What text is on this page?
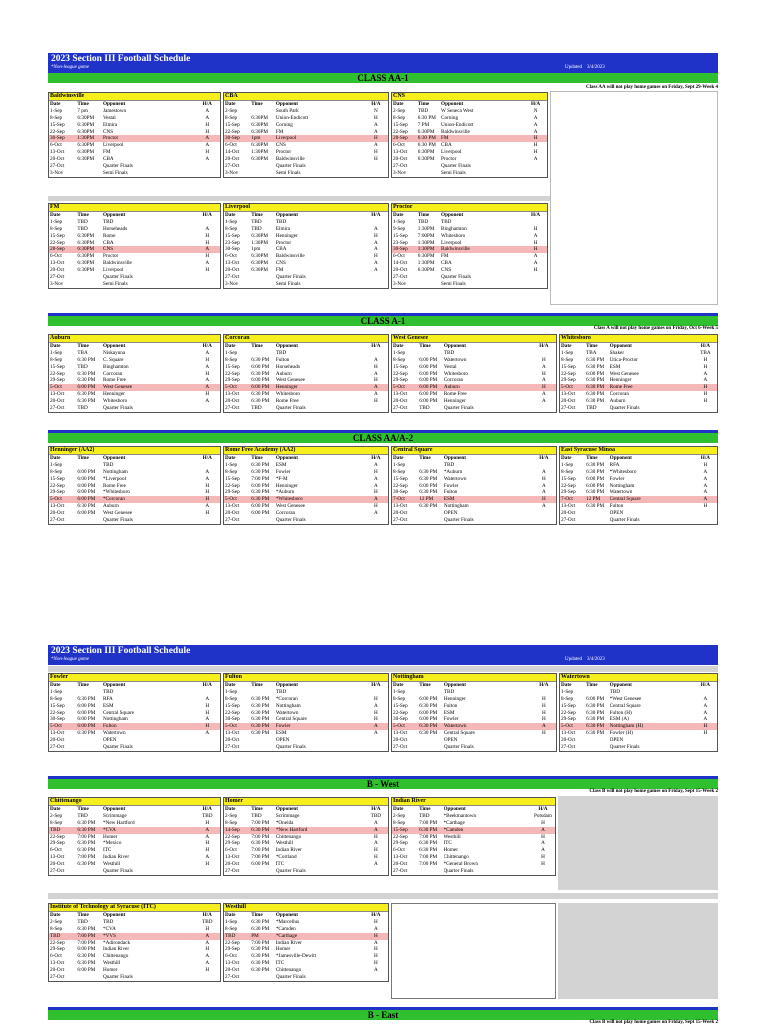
2023 Section III Football Schedule
*Non-league game	Updated 3/4/2023
CLASS AA-1
Class AA will not play home games on Friday, Sept 29-Week 4
CLASS A-1
Class A will not play home games on Friday, Oct 6-Week 5
CLASS AA/A-2
2023 Section III Football Schedule
*Non-league game	Updated 3/4/2023
B - West
Class B will not play home games on Friday, Sept 15-Week 2
B - East
Class B will not play home games on Friday, Sept 15-Week 2
Baldwinsville
Date	Time	Opponent	H/A
1-Sep	7 pm	Jamestown	A
8-Sep	6:30PM	Vestal	A
15-Sep	6:30PM	Elmira	H
22-Sep	6:30PM	CNS	H
30-Sep	1:30PM	Proctor	A
6-Oct	6:30PM	Liverpool	A
13-Oct	6:30PM	FM	H
20-Oct	6:30PM	CBA	A
27-Oct	Quarter Finals
3-Nov	Semi Finals
CBA
Date	Time	Opponent	H/A
2-Sep	South Park	N
8-Sep	6:30PM	Union-Endicott	H
15-Sep	6:30PM	Corning	A
22-Sep	6:30PM	FM	A
30-Sep	1pm	Liverpool	H
6-Oct	6:30PM	CNS	A
14-Oct	1:30PM	Proctor	H
20-Oct	6:30PM	Baldwinsville	H
27-Oct	Quarter Finals
3-Nov	Semi Finals
CNS
Date	Time	Opponent	H/A
2-Sep	TBD	W Seneca West	N
8-Sep	6:30 PM	Corning	A
15-Sep	7 PM	Union-Endicott	A
22-Sep	6:30PM	Baldwinsville	A
28-Sep	6:30 PM	FM	H
6-Oct	6:30 PM	CBA	H
13-Oct	6:30PM	Liverpool	H
20-Oct	6:30PM	Proctor	A
27-Oct	Quarter Finals
3-Nov	Semi Finals
FM
Date	Time	Opponent	H/A
1-Sep	TBD	TBD
8-Sep	TBD	Horseheads	A
15-Sep	6:30PM	Rome	H
22-Sep	6:30PM	CBA	H
28-Sep	6:30PM	CNS	A
6-Oct	6:30PM	Proctor	H
13-Oct	6:30PM	Baldwinsville	A
20-Oct	6:30PM	Liverpool	H
27-Oct	Quarter Finals
3-Nov	Semi Finals
Liverpool
Date	Time	Opponent	H/A
1-Sep	TBD	TBD
8-Sep	TBD	Elmira	A
15-Sep	6:30PM	Henninger	H
23-Sep	1:30PM	Proctor	A
30-Sep	1pm	CBA	A
6-Oct	6:30PM	Baldwinsville	H
13-Oct	6:30PM	CNS	A
20-Oct	6:30PM	FM	A
27-Oct	Quarter Finals
3-Nov	Semi Finals
Proctor
Date	Time	Opponent	H/A
1-Sep	TBD	TBD
9-Sep	1:30PM	Binghamton	H
15-Sep	7:00PM	Whitesboro	A
23-Sep	1:30PM	Liverpool	H
30-Sep	1:30PM	Baldwinsville	H
6-Oct	6:30PM	FM	A
14-Oct	1:30PM	CBA	A
20-Oct	6:30PM	CNS	H
27-Oct	Quarter Finals
3-Nov	Semi Finals
Auburn
Date	Time	Opponent	H/A
1-Sep	TBA	Niskayuna	A
8-Sep	6:30 PM	C. Square	H
15-Sep	TBD	Binghamton	A
22-Sep	6:30 PM	Corcoran	H
29-Sep	6:30 PM	Rome Free	A
5-Oct	6:00 PM	West Genesee	A
13-Oct	6:30 PM	Henninger	H
20-Oct	6:30 PM	Whitesboro	A
27-Oct	TBD	Quarter Finals
Corcoran
Date	Time	Opponent	H/A
1-Sep	TBD
8-Sep	6:30 PM	Fulton	A
15-Sep	6:00 PM	Horseheads	H
22-Sep	6:30 PM	Auburn	A
29-Sep	6:00 PM	West Genesee	H
5-Oct	6:00 PM	Henninger	A
13-Oct	6:30 PM	Whitesboro	A
20-Oct	6:30 PM	Rome Free	H
27-Oct	TBD	Quarter Finals
West Genesee
Date	Time	Opponent	H/A
1-Sep	TBD
8-Sep	6:00 PM	Watertown	H
15-Sep	6:00 PM	Vestal	A
22-Sep	6:00 PM	Whitesboro	H
29-Sep	6:00 PM	Corcoran	A
5-Oct	6:00 PM	Auburn	H
13-Oct	6:00 PM	Rome Free	A
20-Oct	6:00 PM	Henninger	A
27-Oct	TBD	Quarter Finals
Whitesboro
Date	Time	Opponent	H/A
1-Sep	TBA	Shaker	TBA
8-Sep	6:30 PM	Utica-Proctor	H
15-Sep	6:30 PM	ESM	H
22-Sep	6:00 PM	West Genesee	A
29-Sep	6:30 PM	Henninger	A
5-Oct	6:30 PM	Rome Free	H
13-Oct	6:30 PM	Corcoran	H
20-Oct	6:30 PM	Auburn	H
27-Oct	TBD	Quarter Finals
Henninger (AA2)
Date	Time	Opponent	H/A
1-Sep	TBD
8-Sep	6:00 PM	Nottingham	A
15-Sep	6:00 PM	*Liverpool	A
22-Sep	6:00 PM	Rome Free	H
29-Sep	6:00 PM	*Whitesboro	H
5-Oct	6:00 PM	*Corcoran	H
13-Oct	6:30 PM	Auburn	A
20-Oct	6:00 PM	West Genesee	H
27-Oct	Quarter Finals
Rome Free Academy (AA2)
Date	Time	Opponent	H/A
1-Sep	6:30 PM	ESM	A
8-Sep	6:30 PM	Fowler	H
15-Sep	7:00 PM	*F-M	A
22-Sep	6:00 PM	Henninger	A
29-Sep	6:30 PM	*Auburn	H
5-Oct	6:30 PM	*Whitesboro	A
13-Oct	6:00 PM	West Genesee	H
20-Oct	6:00 PM	Corcoran	A
27-Oct	Quarter Finals
Central Square
Date	Time	Opponent	H/A
1-Sep	TBD
8-Sep	6:30 PM	*Auburn	A
15-Sep	6:30 PM	Watertown	H
22-Sep	6:00 PM	Fowler	A
30-Sep	6:30 PM	Fulton	A
7-Oct	12 PM	ESM	H
13-Oct	6:30 PM	Nottingham	A
20-Oct	OPEN
27-Oct	Quarter Finals
East Syracuse Minoa
Date	Time	Opponent	H/A
1-Sep	6:30 PM	RFA	H
8-Sep	6:30 PM	*Whitesboro	A
15-Sep	6:00 PM	Fowler	A
22-Sep	6:00 PM	Nottingham	A
29-Sep	6:30 PM	Watertown	A
7-Oct	12 PM	Central Square	A
13-Oct	6:30 PM	Fulton	H
20-Oct	OPEN
27-Oct	Quarter Finals
Fowler
Date	Time	Opponent	H/A
1-Sep	TBD
8-Sep	6:30 PM	RFA	A
15-Sep	6:00 PM	ESM	H
22-Sep	6:00 PM	Central Square	H
30-Sep	6:00 PM	Nottingham	A
5-Oct	6:00 PM	Fulton	H
13-Oct	6:30 PM	Watertown	A
20-Oct	OPEN
27-Oct	Quarter Finals
Fulton
Date	Time	Opponent	H/A
1-Sep	TBD
8-Sep	6:30 PM	*Corcoran	H
15-Sep	6:30 PM	Nottingham	A
22-Sep	6:30 PM	Watertown	H
30-Sep	6:30 PM	Central Square	H
5-Oct	6:30 PM	Fowler	A
13-Oct	6:30 PM	ESM	A
20-Oct	OPEN
27-Oct	Quarter Finals
Nottingham
Date	Time	Opponent	H/A
1-Sep	TBD
8-Sep	6:00 PM	Henninger	H
15-Sep	6:30 PM	Fulton	H
22-Sep	6:00 PM	ESM	H
30-Sep	6:00 PM	Fowler	H
5-Oct	6:30 PM	Watertown	A
13-Oct	6:30 PM	Central Square	H
20-Oct	OPEN
27-Oct	Quarter Finals
Watertown
Date	Time	Opponent	H/A
1-Sep	TBD
8-Sep	6:00 PM	*West Genesee	A
15-Sep	6:30 PM	Central Square	A
22-Sep	6:30 PM	Fulton (H)	A
29-Sep	6:30 PM	ESM (A)	A
5-Oct	6:30 PM	Nottingham (H)	H
13-Oct	6:30 PM	Fowler (H)	H
20-Oct	OPEN
27-Oct	Quarter Finals
Chittenango
Date	Time	Opponent	H/A
2-Sep	TBD	Scrimmage	TBD
8-Sep	6:30 PM	*New Hartford	H
TBD	6:30 PM	*CVA	A
22-Sep	7:00 PM	Homer	A
29-Sep	6:30 PM	*Mexico	H
6-Oct	6:30 PM	ITC	H
13-Oct	7:00 PM	Indian River	A
20-Oct	6:30 PM	Westhill	H
27-Oct	Quarter Finals
Homer
Date	Time	Opponent	H/A
2-Sep	TBD	Scrimmage	TBD
8-Sep	7:00 PM	*Oneida	A
14-Sep	6:30 PM	*New Hartford	A
22-Sep	7:00 PM	Chittenango	H
29-Sep	6:30 PM	Westhill	A
6-Oct	7:00 PM	Indian River	H
13-Oct	7:00 PM	*Cortland	H
20-Oct	6:00 PM	ITC	A
27-Oct	Quarter Finals
Indian River
Date	Time	Opponent	H/A
2-Sep	TBD	*Beekmantown	Potsdam
8-Sep	7:00 PM	*Carthage	H
15-Sep	6:30 PM	*Camden	A
22-Sep	7:00 PM	Westhill	H
29-Sep	6:30 PM	ITC	A
6-Oct	6:30 PM	Homer	A
13-Oct	7:00 PM	Chittenango	H
20-Oct	7:00 PM	*General Brown	H
27-Oct	Quarter Finals
Institute of Technology at Syracuse (ITC)
Date	Time	Opponent	H/A
2-Sep	TBD	TBD	TBD
8-Sep	6:30 PM	*CVA	H
TBD	7:00 PM	*VVS	A
22-Sep	7:00 PM	*Adirondack	A
29-Sep	6:00 PM	Indian River	H
6-Oct	6:30 PM	Chittenango	A
13-Oct	6:30 PM	Westhill	A
20-Oct	6:00 PM	Homer	H
27-Oct	Quarter Finals
Westhill
Date	Time	Opponent	H/A
1-Sep	6:30 PM	*Marcellus	H
8-Sep	6:30 PM	*Camden	A
TBD	PM	*Carthage	H
22-Sep	7:00 PM	Indian River	A
29-Sep	6:30 PM	Homer	H
6-Oct	6:30 PM	*Jamesville-Dewitt	H
13-Oct	6:30 PM	ITC	H
20-Oct	6:30 PM	Chittenango	A
27-Oct	Quarter Finals
